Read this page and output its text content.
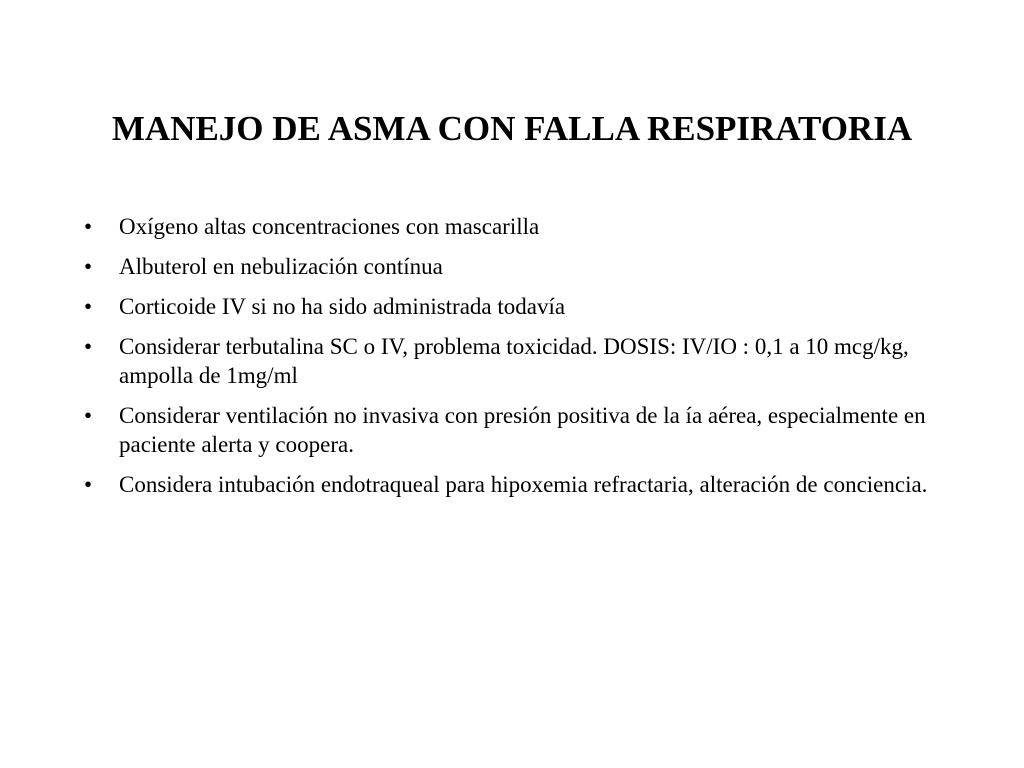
MANEJO DE ASMA CON FALLA RESPIRATORIA
•	Oxígeno altas concentraciones con mascarilla
•	Albuterol en nebulización contínua
•	Corticoide IV si no ha sido administrada todavía
•	Considerar terbutalina SC o IV, problema toxicidad. DOSIS: IV/IO : 0,1 a 10 mcg/kg, ampolla de 1mg/ml
•	Considerar ventilación no invasiva con presión positiva de la ía aérea, especialmente en paciente alerta y coopera.
•	Considera intubación endotraqueal para hipoxemia refractaria, alteración de conciencia.
